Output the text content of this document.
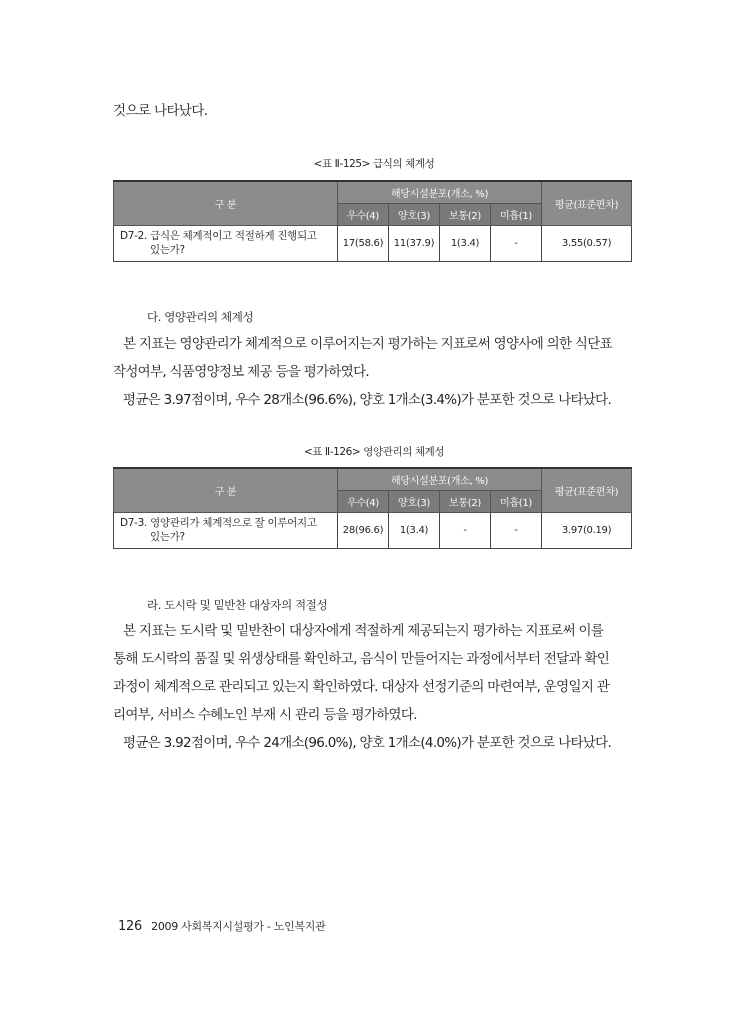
것으로 나타났다.
<표 Ⅱ-125> 급식의 체계성
구 분	해당시설분포(개소, %)				평균(표준편차)
	우수(4)	양호(3)	보통(2)	미흡(1)	
D7-2. 급식은 체계적이고 적절하게 진행되고
있는가?	17(58.6)	11(37.9)	1(3.4)	-	3.55(0.57)
다. 영양관리의 체계성

본 지표는 영양관리가 체계적으로 이루어지는지 평가하는 지표로써 영양사에 의한 식단표

작성여부, 식품영양정보 제공 등을 평가하였다.

평균은 3.97점이며, 우수 28개소(96.6%), 양호 1개소(3.4%)가 분포한 것으로 나타났다.

<표 Ⅱ-126> 영양관리의 체계성
구 분	해당시설분포(개소, %)				평균(표준편차)
	우수(4)	양호(3)	보통(2)	미흡(1)	
D7-3. 영양관리가 체계적으로 잘 이루어지고
있는가?	28(96.6)	1(3.4)	-	-	3.97(0.19)
라. 도시락 및 밑반찬 대상자의 적절성

본 지표는 도시락 및 밑반찬이 대상자에게 적절하게 제공되는지 평가하는 지표로써 이를

통해 도시락의 품질 및 위생상태를 확인하고, 음식이 만들어지는 과정에서부터 전달과 확인

과정이 체계적으로 관리되고 있는지 확인하였다. 대상자 선정기준의 마련여부, 운영일지 관

리여부, 서비스 수혜노인 부재 시 관리 등을 평가하였다.

평균은 3.92점이며, 우수 24개소(96.0%), 양호 1개소(4.0%)가 분포한 것으로 나타났다.

126 2009 사회복지시설평가 - 노인복지관
